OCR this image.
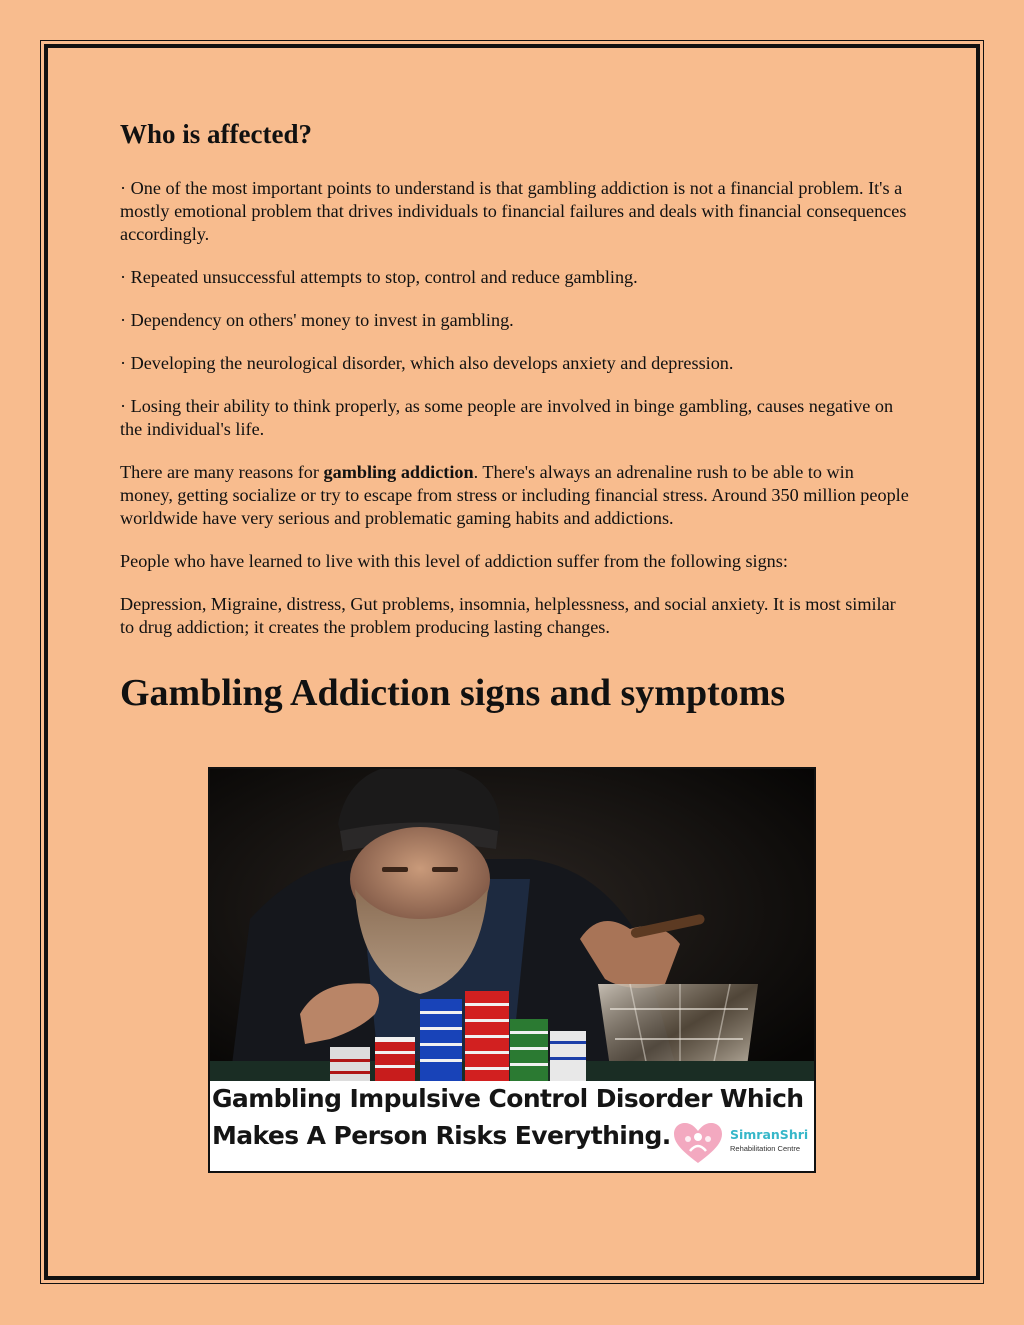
Who is affected?

· One of the most important points to understand is that gambling addiction is not a financial problem. It's a mostly emotional problem that drives individuals to financial failures and deals with financial consequences accordingly.

· Repeated unsuccessful attempts to stop, control and reduce gambling.

· Dependency on others' money to invest in gambling.

· Developing the neurological disorder, which also develops anxiety and depression.

· Losing their ability to think properly, as some people are involved in binge gambling, causes negative on the individual's life.

There are many reasons for gambling addiction. There's always an adrenaline rush to be able to win money, getting socialize or try to escape from stress or including financial stress. Around 350 million people worldwide have very serious and problematic gaming habits and addictions.

People who have learned to live with this level of addiction suffer from the following signs:

Depression, Migraine, distress, Gut problems, insomnia, helplessness, and social anxiety. It is most similar to drug addiction; it creates the problem producing lasting changes.

Gambling Addiction signs and symptoms
Gambling Impulsive Control Disorder Which
Makes A Person Risks Everything.	SimranShri
Rehabilitation Centre
